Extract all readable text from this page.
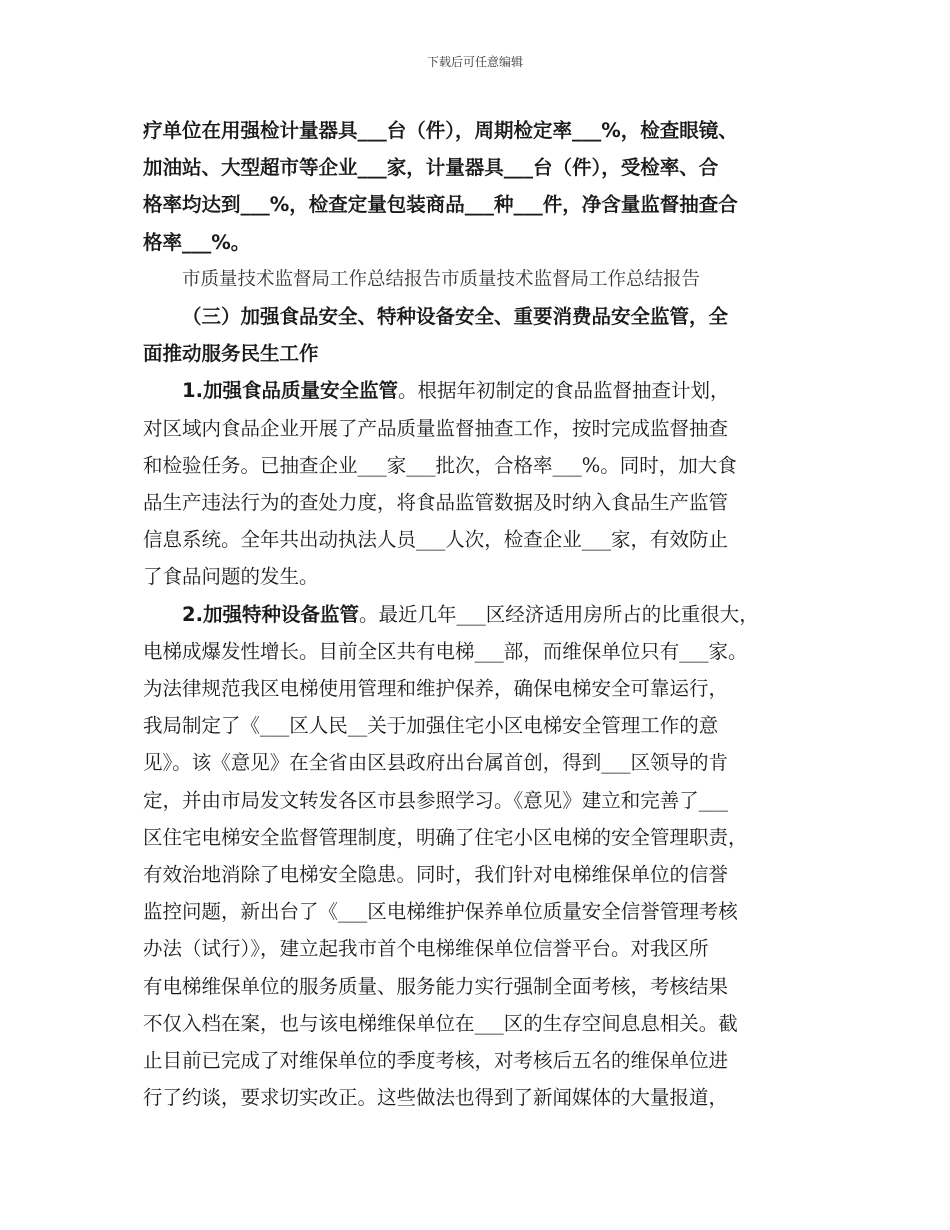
下载后可任意编辑

疗单位在用强检计量器具___台（件），周期检定率___%，检查眼镜、

加油站、大型超市等企业___家，计量器具___台（件），受检率、合

格率均达到___%，检查定量包装商品___种___件，净含量监督抽查合

格率___%。

市质量技术监督局工作总结报告市质量技术监督局工作总结报告

（三）加强食品安全、特种设备安全、重要消费品安全监管，全

面推动服务民生工作

1.加强食品质量安全监管。根据年初制定的食品监督抽查计划，

对区域内食品企业开展了产品质量监督抽查工作，按时完成监督抽查

和检验任务。已抽查企业___家___批次，合格率___%。同时，加大食

品生产违法行为的查处力度，将食品监管数据及时纳入食品生产监管

信息系统。全年共出动执法人员___人次，检查企业___家，有效防止

了食品问题的发生。

2.加强特种设备监管。最近几年___区经济适用房所占的比重很大，

电梯成爆发性增长。目前全区共有电梯___部，而维保单位只有___家。

为法律规范我区电梯使用管理和维护保养，确保电梯安全可靠运行，

我局制定了《___区人民__关于加强住宅小区电梯安全管理工作的意

见》。该《意见》在全省由区县政府出台属首创，得到___区领导的肯

定，并由市局发文转发各区市县参照学习。《意见》建立和完善了___

区住宅电梯安全监督管理制度，明确了住宅小区电梯的安全管理职责，

有效治地消除了电梯安全隐患。同时，我们针对电梯维保单位的信誉

监控问题，新出台了《___区电梯维护保养单位质量安全信誉管理考核

办法（试行）》，建立起我市首个电梯维保单位信誉平台。对我区所

有电梯维保单位的服务质量、服务能力实行强制全面考核，考核结果

不仅入档在案，也与该电梯维保单位在___区的生存空间息息相关。截

止目前已完成了对维保单位的季度考核，对考核后五名的维保单位进

行了约谈，要求切实改正。这些做法也得到了新闻媒体的大量报道，
